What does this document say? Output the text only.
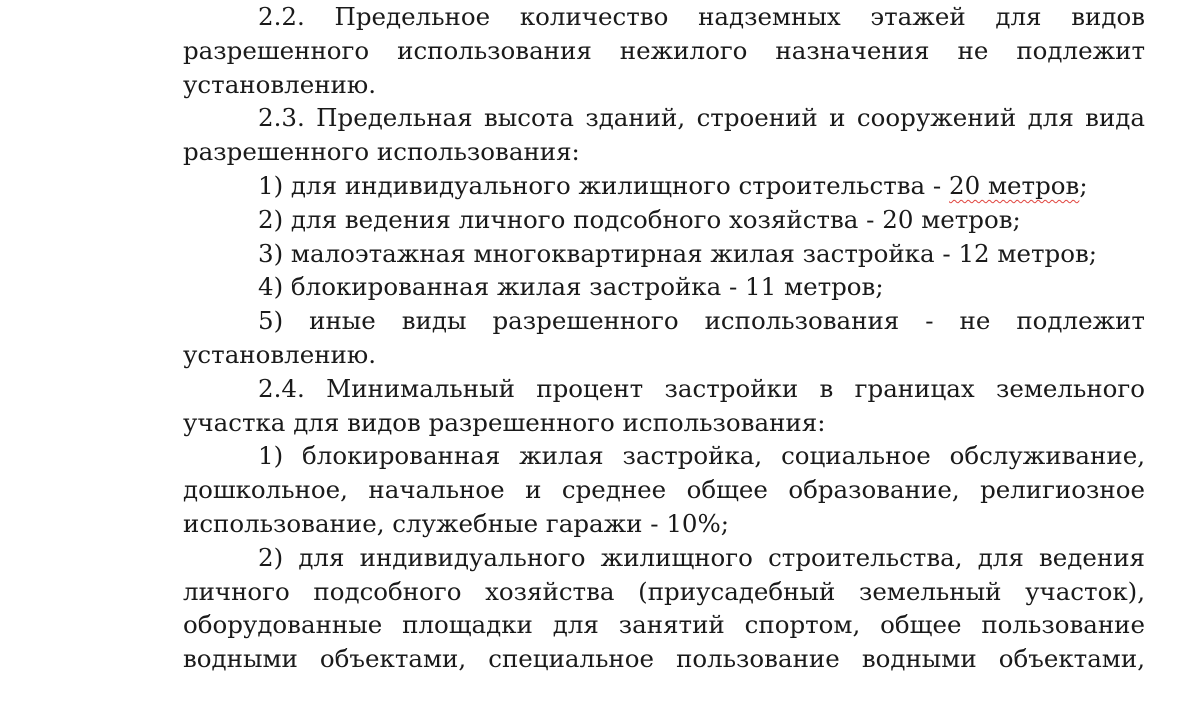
2.2. Предельное количество надземных этажей для видов разрешенного использования нежилого назначения не подлежит установлению.

2.3. Предельная высота зданий, строений и сооружений для вида разрешенного использования:

1) для индивидуального жилищного строительства - 20 метров;

2) для ведения личного подсобного хозяйства - 20 метров;

3) малоэтажная многоквартирная жилая застройка - 12 метров;

4) блокированная жилая застройка - 11 метров;

5) иные виды разрешенного использования - не подлежит установлению.

2.4. Минимальный процент застройки в границах земельного участка для видов разрешенного использования:

1) блокированная жилая застройка, социальное обслуживание, дошкольное, начальное и среднее общее образование, религиозное использование, служебные гаражи - 10%;

2) для индивидуального жилищного строительства, для ведения личного подсобного хозяйства (приусадебный земельный участок), оборудованные площадки для занятий спортом, общее пользование водными объектами, специальное пользование водными объектами,
